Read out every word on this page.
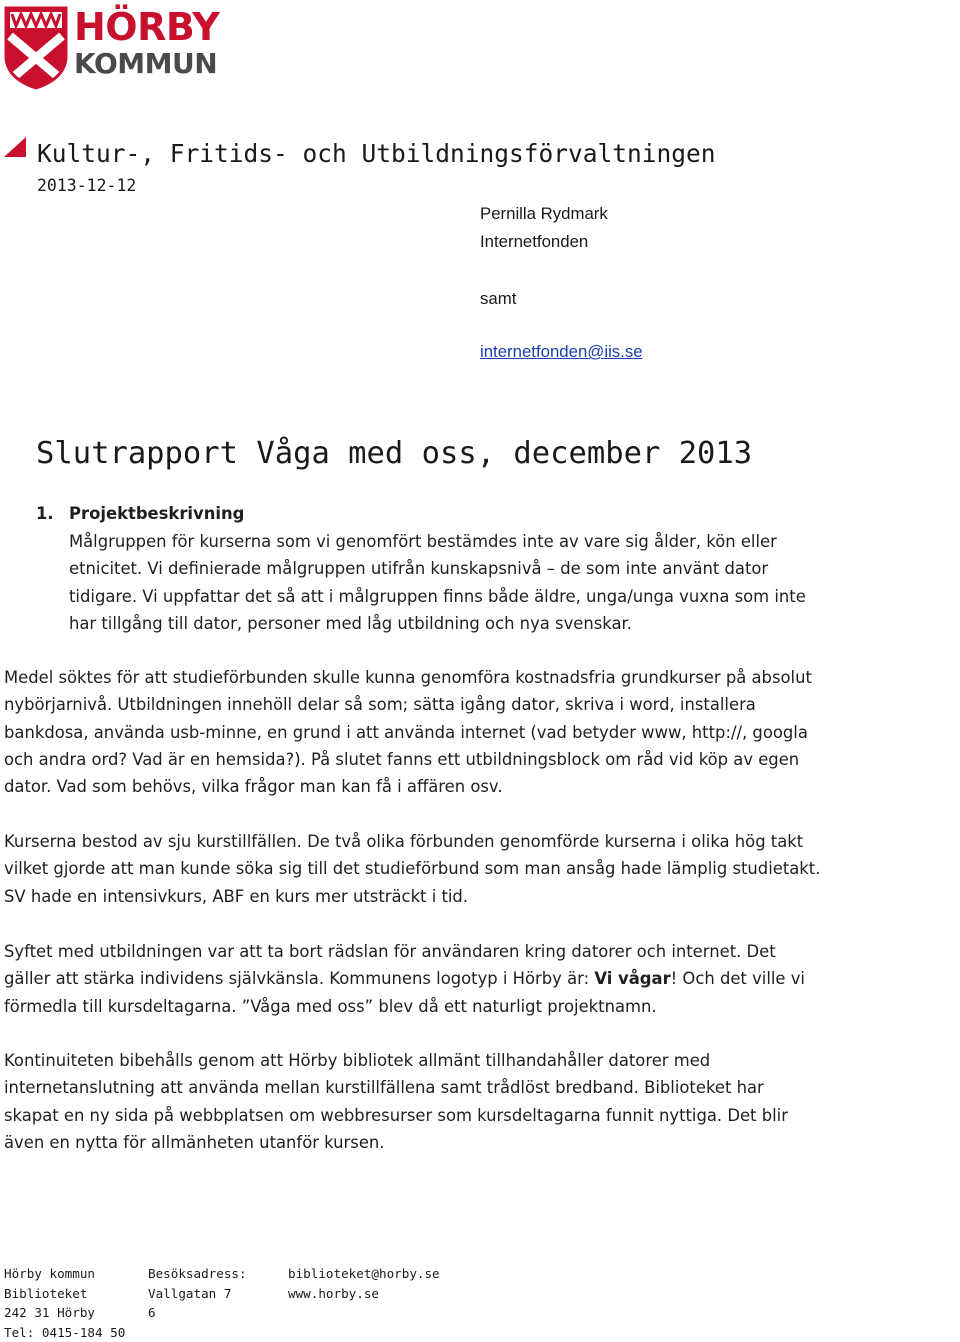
HÖRBY
KOMMUN
Kultur-, Fritids- och Utbildningsförvaltningen
2013-12-12
Pernilla Rydmark
Internetfonden
samt
internetfonden@iis.se
Slutrapport Våga med oss, december 2013
1. Projektbeskrivning

Målgruppen för kurserna som vi genomfört bestämdes inte av vare sig ålder, kön eller

etnicitet. Vi definierade målgruppen utifrån kunskapsnivå – de som inte använt dator

tidigare. Vi uppfattar det så att i målgruppen finns både äldre, unga/unga vuxna som inte

har tillgång till dator, personer med låg utbildning och nya svenskar.

Medel söktes för att studieförbunden skulle kunna genomföra kostnadsfria grundkurser på absolut

nybörjarnivå. Utbildningen innehöll delar så som; sätta igång dator, skriva i word, installera

bankdosa, använda usb-minne, en grund i att använda internet (vad betyder www, http://, googla

och andra ord? Vad är en hemsida?). På slutet fanns ett utbildningsblock om råd vid köp av egen

dator. Vad som behövs, vilka frågor man kan få i affären osv.

Kurserna bestod av sju kurstillfällen. De två olika förbunden genomförde kurserna i olika hög takt

vilket gjorde att man kunde söka sig till det studieförbund som man ansåg hade lämplig studietakt.

SV hade en intensivkurs, ABF en kurs mer utsträckt i tid.

Syftet med utbildningen var att ta bort rädslan för användaren kring datorer och internet. Det

gäller att stärka individens självkänsla. Kommunens logotyp i Hörby är: Vi vågar! Och det ville vi

förmedla till kursdeltagarna. ”Våga med oss” blev då ett naturligt projektnamn.

Kontinuiteten bibehålls genom att Hörby bibliotek allmänt tillhandahåller datorer med

internetanslutning att använda mellan kurstillfällena samt trådlöst bredband. Biblioteket har

skapat en ny sida på webbplatsen om webbresurser som kursdeltagarna funnit nyttiga. Det blir

även en nytta för allmänheten utanför kursen.

Hörby kommun
Biblioteket
242 31 Hörby
Tel: 0415-184 50
Besöksadress:
Vallgatan 7
6
biblioteket@horby.se
www.horby.se
